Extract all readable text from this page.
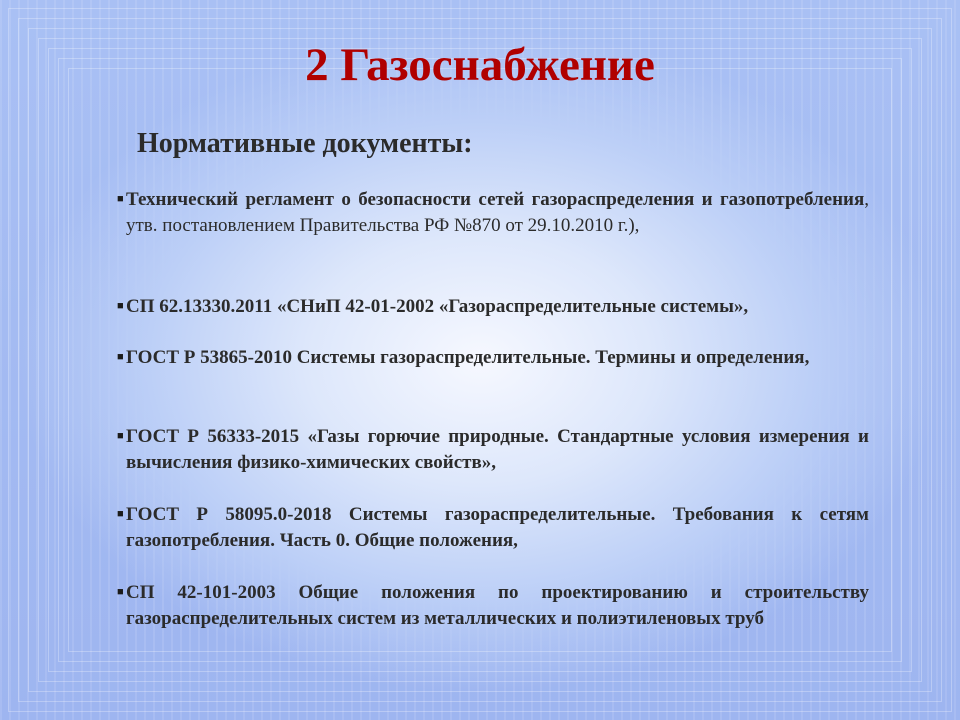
2 Газоснабжение
Нормативные документы:
■ Технический регламент о безопасности сетей газораспределения и газопотребления, утв. постановлением Правительства РФ №870 от 29.10.2010 г.),
■ СП 62.13330.2011 «СНиП 42-01-2002 «Газораспределительные системы»,
■ ГОСТ Р 53865-2010 Системы газораспределительные. Термины и определения,
■ ГОСТ Р 56333-2015 «Газы горючие природные. Стандартные условия измерения и вычисления физико-химических свойств»,
■ ГОСТ Р 58095.0-2018 Системы газораспределительные. Требования к сетям газопотребления. Часть 0. Общие положения,
■ СП 42-101-2003 Общие положения по проектированию и строительству газораспределительных систем из металлических и полиэтиленовых труб
